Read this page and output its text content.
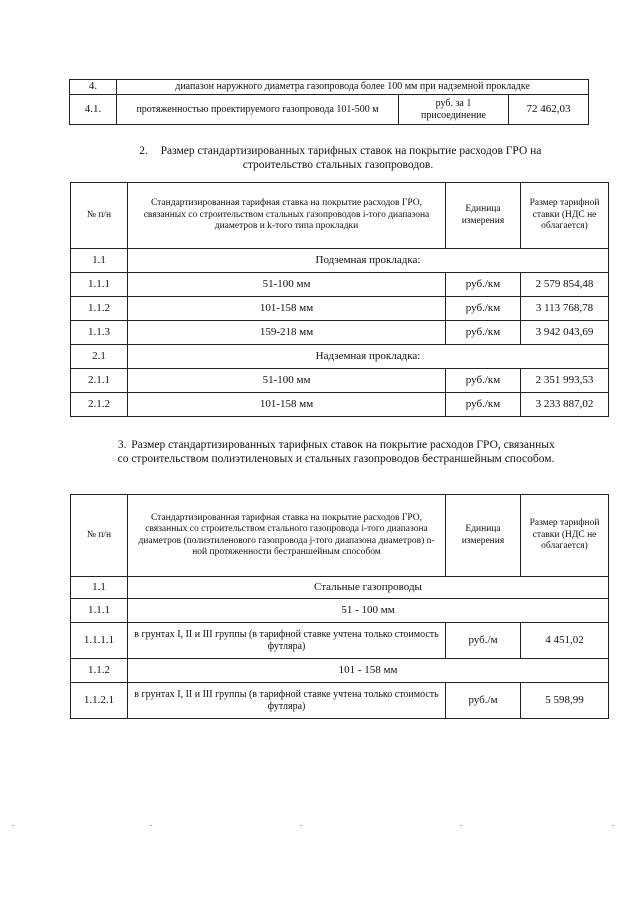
4.	диапазон наружного диаметра газопровода более 100 мм при надземной прокладке		
4.1.	протяженностью проектируемого газопровода 101-500 м	руб. за 1 присоединение	72 462,03
2. Размер стандартизированных тарифных ставок на покрытие расходов ГРО на строительство стальных газопроводов.
№ п/н	Стандартизированная тарифная ставка на покрытие расходов ГРО, связанных со строительством стальных газопроводов i-того диапазона диаметров и k-того типа прокладки	Единица измерения	Размер тарифной ставки (НДС не облагается)
1.1	Подземная прокладка:		
1.1.1	51-100 мм	руб./км	2 579 854,48
1.1.2	101-158 мм	руб./км	3 113 768,78
1.1.3	159-218 мм	руб./км	3 942 043,69
2.1	Надземная прокладка:		
2.1.1	51-100 мм	руб./км	2 351 993,53
2.1.2	101-158 мм	руб./км	3 233 887,02
3. Размер стандартизированных тарифных ставок на покрытие расходов ГРО, связанных со строительством полиэтиленовых и стальных газопроводов бестраншейным способом.
№ п/н	Стандартизированная тарифная ставка на покрытие расходов ГРО, связанных со строительством стального газопровода i-того диапазона диаметров (полиэтиленового газопровода j-того диапазона диаметров) n-ной протяженности бестраншейным способом	Единица измерения	Размер тарифной ставки (НДС не облагается)
1.1	Стальные газопроводы		
1.1.1	51 - 100 мм		
1.1.1.1	в грунтах I, II и III группы (в тарифной ставке учтена только стоимость футляра)	руб./м	4 451,02
1.1.2	101 - 158 мм		
1.1.2.1	в грунтах I, II и III группы (в тарифной ставке учтена только стоимость футляра)	руб./м	5 598,99
.	.	.	.	.
